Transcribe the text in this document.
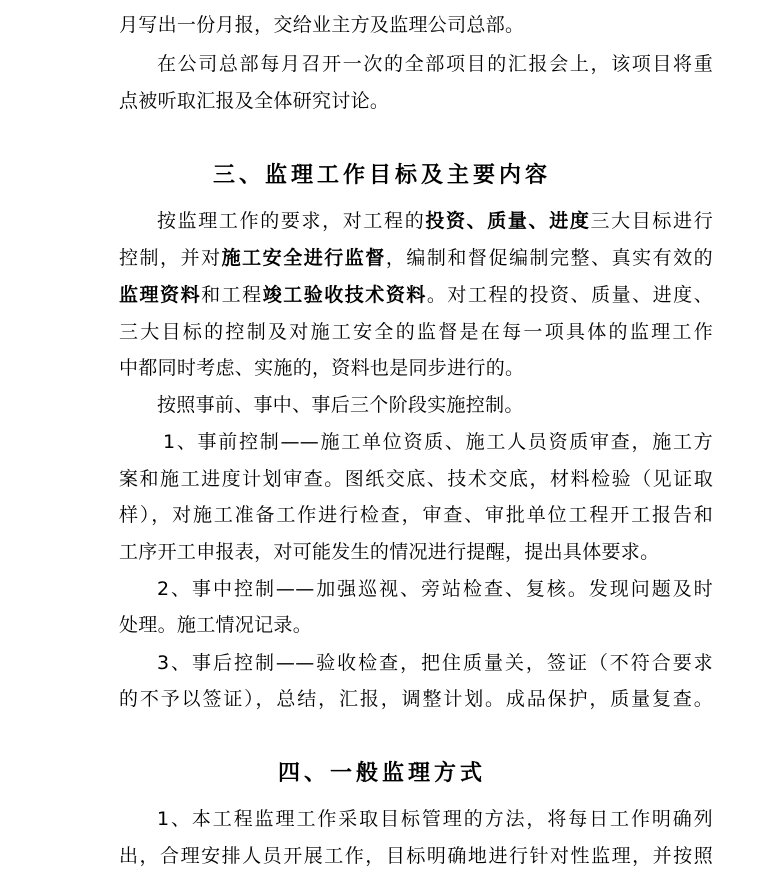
月写出一份月报，交给业主方及监理公司总部。
在公司总部每月召开一次的全部项目的汇报会上，该项目将重
点被听取汇报及全体研究讨论。
三、监理工作目标及主要内容
按监理工作的要求，对工程的投资、质量、进度三大目标进行
控制，并对施工安全进行监督，编制和督促编制完整、真实有效的
监理资料和工程竣工验收技术资料。对工程的投资、质量、进度、
三大目标的控制及对施工安全的监督是在每一项具体的监理工作
中都同时考虑、实施的，资料也是同步进行的。
按照事前、事中、事后三个阶段实施控制。
1、事前控制——施工单位资质、施工人员资质审查，施工方
案和施工进度计划审查。图纸交底、技术交底，材料检验（见证取
样），对施工准备工作进行检查，审查、审批单位工程开工报告和
工序开工申报表，对可能发生的情况进行提醒，提出具体要求。
2、事中控制——加强巡视、旁站检查、复核。发现问题及时
处理。施工情况记录。
3、事后控制——验收检查，把住质量关，签证（不符合要求
的不予以签证），总结，汇报，调整计划。成品保护，质量复查。
四、一般监理方式
1、本工程监理工作采取目标管理的方法，将每日工作明确列
出，合理安排人员开展工作，目标明确地进行针对性监理，并按照
